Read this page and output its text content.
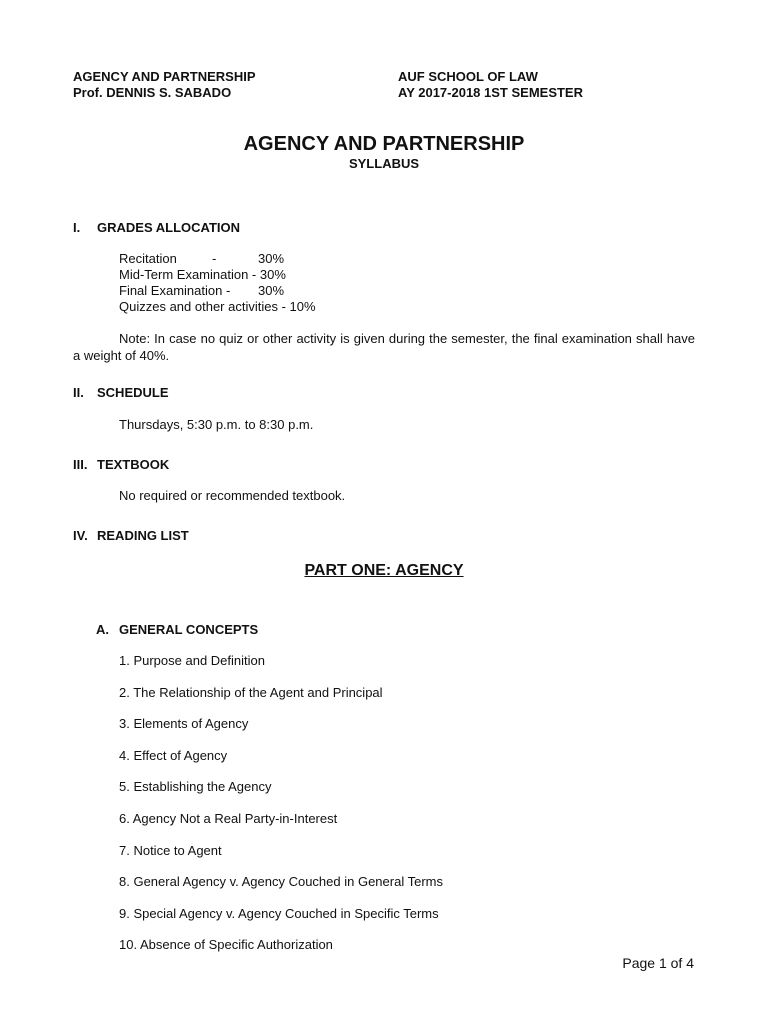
AGENCY AND PARTNERSHIP
Prof. DENNIS S. SABADO
AUF SCHOOL OF LAW
AY 2017-2018 1ST SEMESTER
AGENCY AND PARTNERSHIP
SYLLABUS
I. GRADES ALLOCATION
Recitation	-	30%
Mid-Term Examination - 30%
Final Examination - 30%
Quizzes and other activities - 10%
Note: In case no quiz or other activity is given during the semester, the final examination shall have a weight of 40%.
II. SCHEDULE
Thursdays, 5:30 p.m. to 8:30 p.m.
III. TEXTBOOK
No required or recommended textbook.
IV. READING LIST
PART ONE: AGENCY
A. GENERAL CONCEPTS
1. Purpose and Definition
2. The Relationship of the Agent and Principal
3. Elements of Agency
4. Effect of Agency
5. Establishing the Agency
6. Agency Not a Real Party-in-Interest
7. Notice to Agent
8. General Agency v. Agency Couched in General Terms
9. Special Agency v. Agency Couched in Specific Terms
10. Absence of Specific Authorization
Page 1 of 4
